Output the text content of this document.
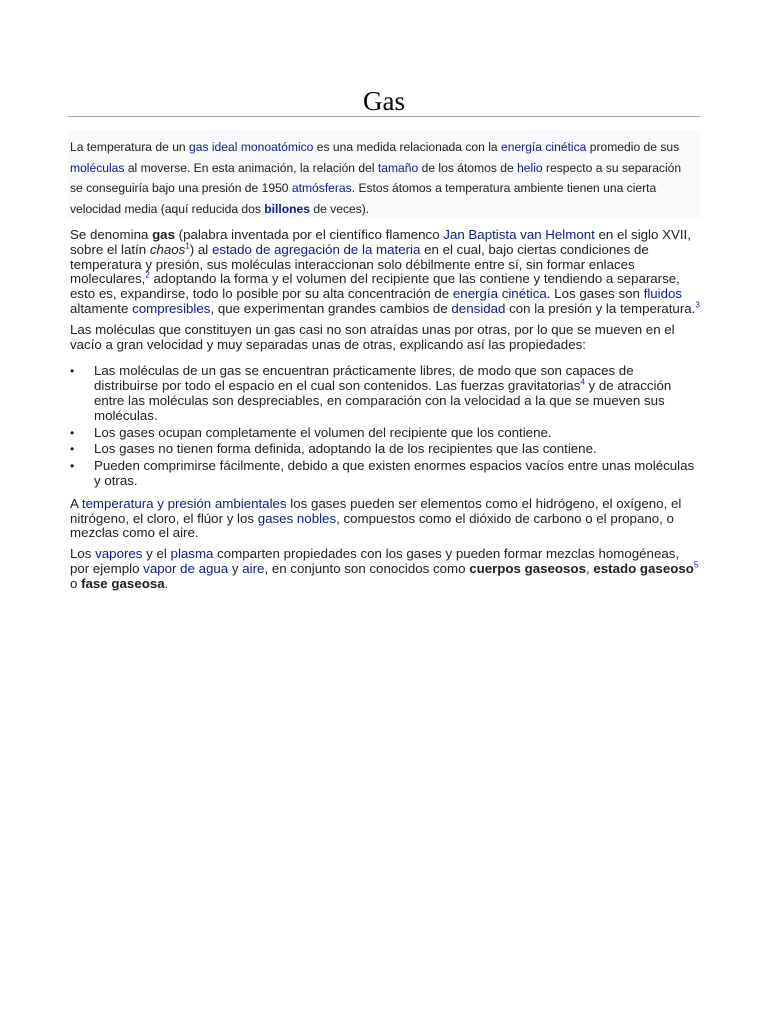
Gas
La temperatura de un gas ideal monoatómico es una medida relacionada con la energía cinética promedio de sus moléculas al moverse. En esta animación, la relación del tamaño de los átomos de helio respecto a su separación se conseguiría bajo una presión de 1950 atmósferas. Estos átomos a temperatura ambiente tienen una cierta velocidad media (aquí reducida dos billones de veces).

Se denomina gas (palabra inventada por el científico flamenco Jan Baptista van Helmont en el siglo XVII, sobre el latín chaos$^1$) al estado de agregación de la materia en el cual, bajo ciertas condiciones de temperatura y presión, sus moléculas interaccionan solo débilmente entre sí, sin formar enlaces moleculares,$^2$ adoptando la forma y el volumen del recipiente que las contiene y tendiendo a separarse, esto es, expandirse, todo lo posible por su alta concentración de energía cinética. Los gases son fluidos altamente compresibles, que experimentan grandes cambios de densidad con la presión y la temperatura.$^3$

Las moléculas que constituyen un gas casi no son atraídas unas por otras, por lo que se mueven en el vacío a gran velocidad y muy separadas unas de otras, explicando así las propiedades:

• Las moléculas de un gas se encuentran prácticamente libres, de modo que son capaces de distribuirse por todo el espacio en el cual son contenidos. Las fuerzas gravitatorias$^4$ y de atracción entre las moléculas son despreciables, en comparación con la velocidad a la que se mueven sus moléculas.
• Los gases ocupan completamente el volumen del recipiente que los contiene.
• Los gases no tienen forma definida, adoptando la de los recipientes que las contiene.
• Pueden comprimirse fácilmente, debido a que existen enormes espacios vacíos entre unas moléculas y otras.

A temperatura y presión ambientales los gases pueden ser elementos como el hidrógeno, el oxígeno, el nitrógeno, el cloro, el flúor y los gases nobles, compuestos como el dióxido de carbono o el propano, o mezclas como el aire.

Los vapores y el plasma comparten propiedades con los gases y pueden formar mezclas homogéneas, por ejemplo vapor de agua y aire, en conjunto son conocidos como cuerpos gaseosos, estado gaseoso$^5$ o fase gaseosa.
